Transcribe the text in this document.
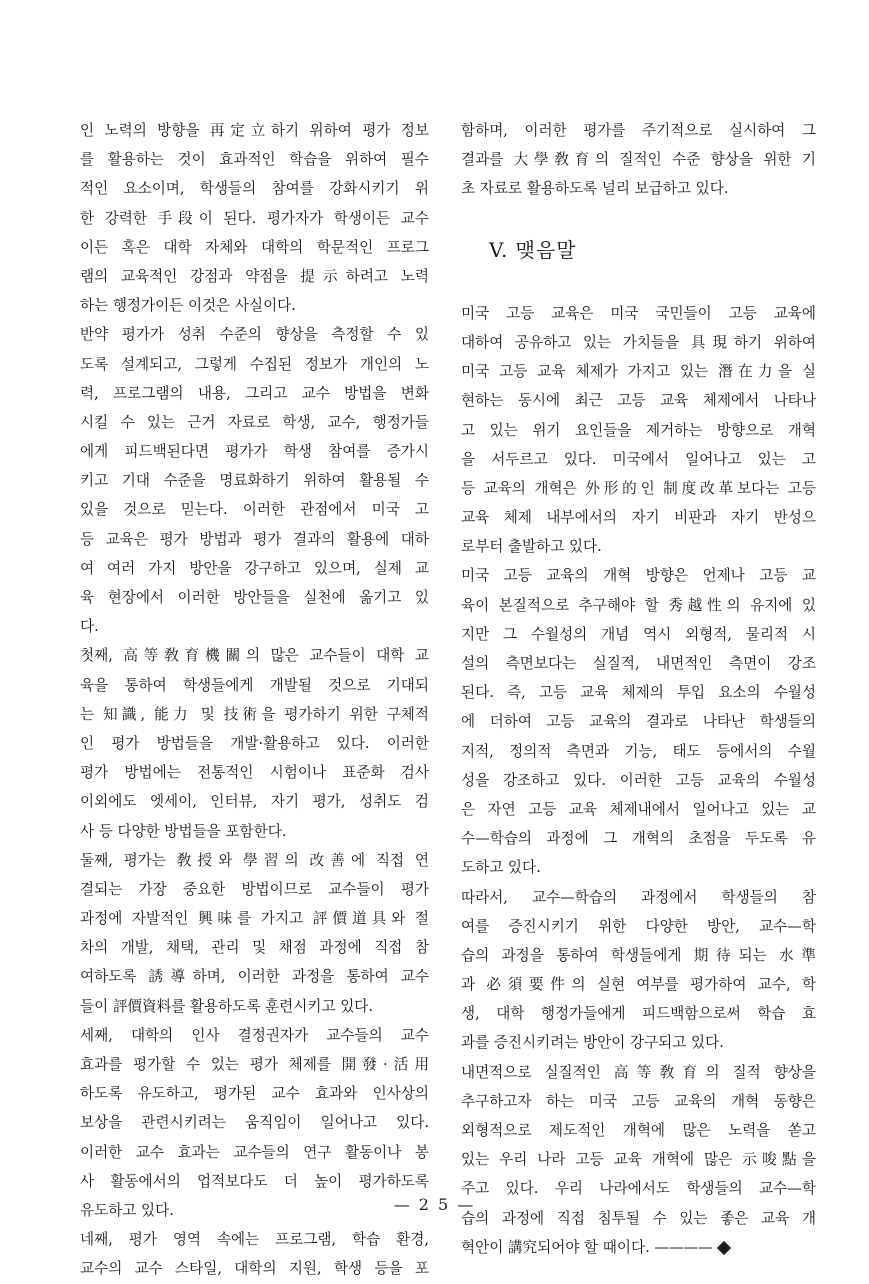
인 노력의 방향을 再定立하기 위하여 평가 정보
를 활용하는 것이 효과적인 학습을 위하여 필수
적인 요소이며, 학생들의 참여를 강화시키기 위
한 강력한 手段이 된다. 평가자가 학생이든 교수
이든 혹은 대학 자체와 대학의 학문적인 프로그
램의 교육적인 강점과 약점을 提示하려고 노력
하는 행정가이든 이것은 사실이다.
반약 평가가 성취 수준의 향상을 측정할 수 있
도록 설계되고, 그렇게 수집된 정보가 개인의 노
력, 프로그램의 내용, 그리고 교수 방법을 변화
시킬 수 있는 근거 자료로 학생, 교수, 행정가들
에게 피드백된다면 평가가 학생 참여를 증가시
키고 기대 수준을 명료화하기 위하여 활용될 수
있을 것으로 믿는다. 이러한 관점에서 미국 고
등 교육은 평가 방법과 평가 결과의 활용에 대하
여 여러 가지 방안을 강구하고 있으며, 실제 교
육 현장에서 이러한 방안들을 실천에 옮기고 있
다.
첫째, 高等敎育機關의 많은 교수들이 대학 교
육을 통하여 학생들에게 개발될 것으로 기대되
는 知識, 能力 및 技術을 평가하기 위한 구체적
인 평가 방법들을 개발·활용하고 있다. 이러한
평가 방법에는 전통적인 시험이나 표준화 검사
이외에도 엣세이, 인터뷰, 자기 평가, 성취도 검
사 등 다양한 방법들을 포함한다.
둘째, 평가는 敎授와 學習의 改善에 직접 연
결되는 가장 중요한 방법이므로 교수들이 평가
과정에 자발적인 興味를 가지고 評價道具와 절
차의 개발, 채택, 관리 및 채점 과정에 직접 참
여하도록 誘導하며, 이러한 과정을 통하여 교수
들이 評價資料를 활용하도록 훈련시키고 있다.
세째, 대학의 인사 결정권자가 교수들의 교수
효과를 평가할 수 있는 평가 체제를 開發·活用
하도록 유도하고, 평가된 교수 효과와 인사상의
보상을 관련시키려는 움직임이 일어나고 있다.
이러한 교수 효과는 교수들의 연구 활동이나 봉
사 활동에서의 업적보다도 더 높이 평가하도록
유도하고 있다.
네째, 평가 영역 속에는 프로그램, 학습 환경,
교수의 교수 스타일, 대학의 지원, 학생 등을 포
함하며, 이러한 평가를 주기적으로 실시하여 그
결과를 大學敎育의 질적인 수준 향상을 위한 기
초 자료로 활용하도록 널리 보급하고 있다.
V. 맺음말
미국 고등 교육은 미국 국민들이 고등 교육에
대하여 공유하고 있는 가치들을 具現하기 위하여
미국 고등 교육 체제가 가지고 있는 潛在力을 실
현하는 동시에 최근 고등 교육 체제에서 나타나
고 있는 위기 요인들을 제거하는 방향으로 개혁
을 서두르고 있다. 미국에서 일어나고 있는 고
등 교육의 개혁은 外形的인 制度改革보다는 고등
교육 체제 내부에서의 자기 비판과 자기 반성으
로부터 출발하고 있다.
미국 고등 교육의 개혁 방향은 언제나 고등 교
육이 본질적으로 추구해야 할 秀越性의 유지에 있
지만 그 수월성의 개념 역시 외형적, 물리적 시
설의 측면보다는 실질적, 내면적인 측면이 강조
된다. 즉, 고등 교육 체제의 투입 요소의 수월성
에 더하여 고등 교육의 결과로 나타난 학생들의
지적, 정의적 측면과 기능, 태도 등에서의 수월
성을 강조하고 있다. 이러한 고등 교육의 수월성
은 자연 고등 교육 체제내에서 일어나고 있는 교
수—학습의 과정에 그 개혁의 초점을 두도록 유
도하고 있다.
따라서, 교수—학습의 과정에서 학생들의 참
여를 증진시키기 위한 다양한 방안, 교수—학
습의 과정을 통하여 학생들에게 期待되는 水準
과 必須要件의 실현 여부를 평가하여 교수, 학
생, 대학 행정가들에게 피드백함으로써 학습 효
과를 증진시키려는 방안이 강구되고 있다.
내면적으로 실질적인 高等敎育의 질적 향상을
추구하고자 하는 미국 고등 교육의 개혁 동향은
외형적으로 제도적인 개혁에 많은 노력을 쏟고
있는 우리 나라 고등 교육 개혁에 많은 示唆點을
주고 있다. 우리 나라에서도 학생들의 교수—학
습의 과정에 직접 침투될 수 있는 좋은 교육 개
혁안이 講究되어야 할 때이다. ————
— 2 5 —
